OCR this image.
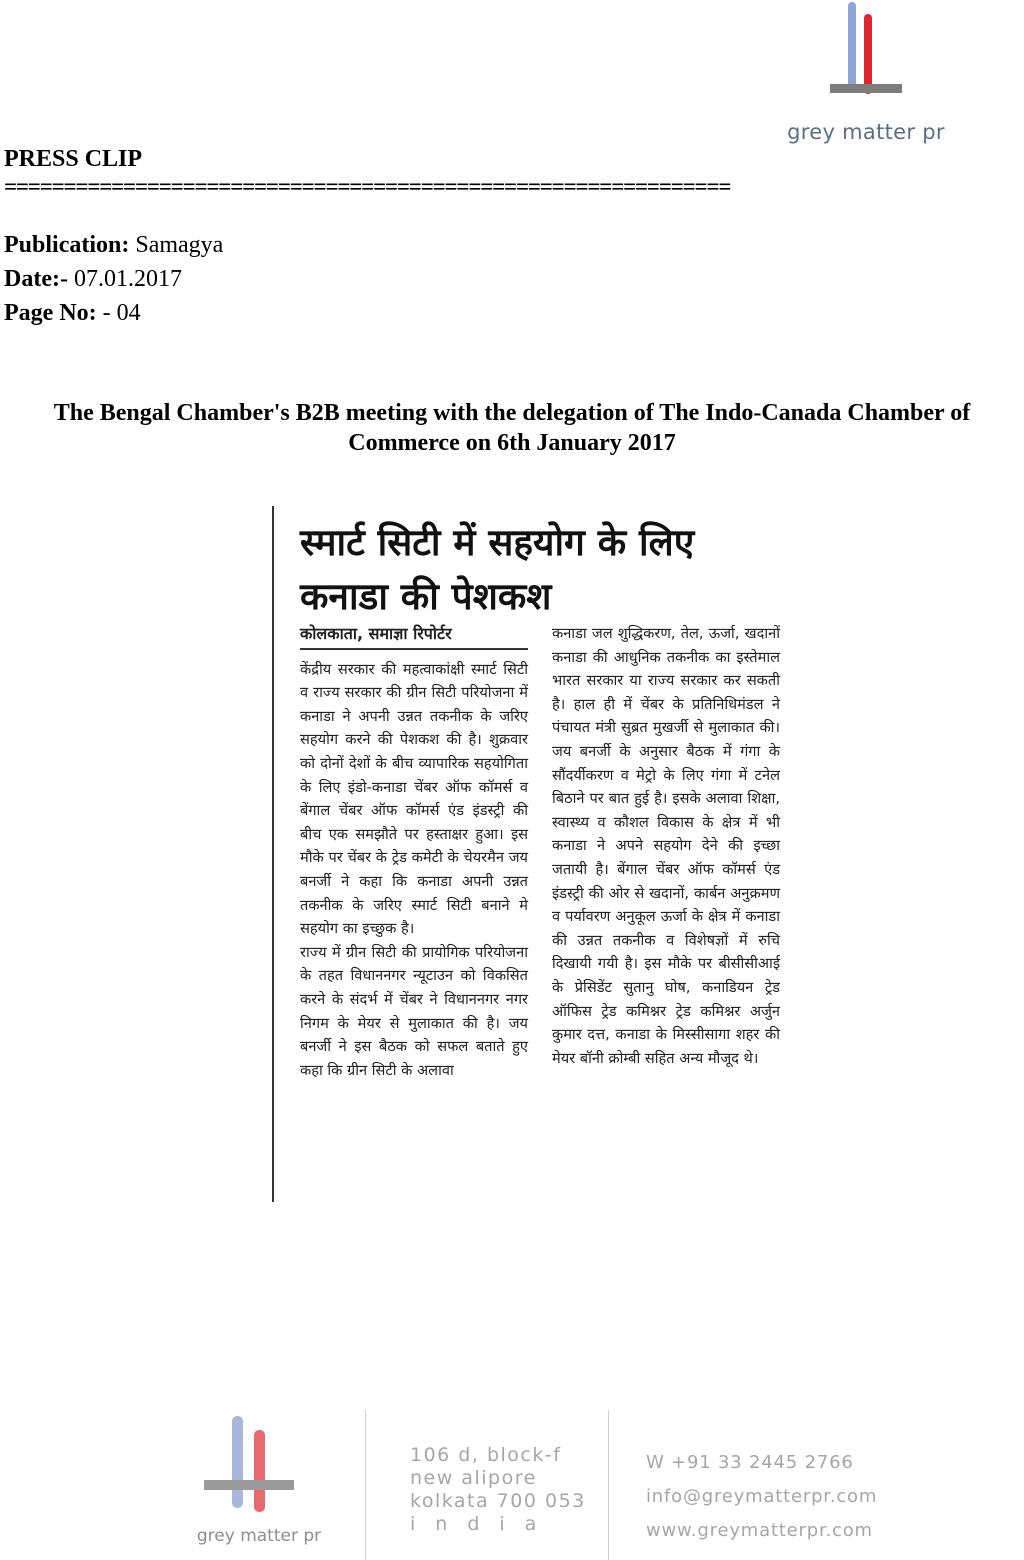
grey matter pr
PRESS CLIP
=============================================================
Publication: Samagya
Date:- 07.01.2017
Page No: - 04
The Bengal Chamber's B2B meeting with the delegation of The Indo-Canada Chamber of Commerce on 6th January 2017
स्मार्ट सिटी में सहयोग के लिए कनाडा की पेशकश
कोलकाता, समाज्ञा रिपोर्टर
केंद्रीय सरकार की महत्वाकांक्षी स्मार्ट सिटी व राज्य सरकार की ग्रीन सिटी परियोजना में कनाडा ने अपनी उन्नत तकनीक के जरिए सहयोग करने की पेशकश की है। शुक्रवार को दोनों देशों के बीच व्यापारिक सहयोगिता के लिए इंडो-कनाडा चेंबर ऑफ कॉमर्स व बेंगाल चेंबर ऑफ कॉमर्स एंड इंडस्ट्री की बीच एक समझौते पर हस्ताक्षर हुआ। इस मौके पर चेंबर के ट्रेड कमेटी के चेयरमैन जय बनर्जी ने कहा कि कनाडा अपनी उन्नत तकनीक के जरिए स्मार्ट सिटी बनाने मे सहयोग का इच्छुक है।
राज्य में ग्रीन सिटी की प्रायोगिक परियोजना के तहत विधाननगर न्यूटाउन को विकसित करने के संदर्भ में चेंबर ने विधाननगर नगर निगम के मेयर से मुलाकात की है। जय बनर्जी ने इस बैठक को सफल बताते हुए कहा कि ग्रीन सिटी के अलावा
कनाडा जल शुद्धिकरण, तेल, ऊर्जा, खदानों कनाडा की आधुनिक तकनीक का इस्तेमाल भारत सरकार या राज्य सरकार कर सकती है। हाल ही में चेंबर के प्रतिनिधिमंडल ने पंचायत मंत्री सुब्रत मुखर्जी से मुलाकात की। जय बनर्जी के अनुसार बैठक में गंगा के सौंदर्यीकरण व मेट्रो के लिए गंगा में टनेल बिठाने पर बात हुई है। इसके अलावा शिक्षा, स्वास्थ्य व कौशल विकास के क्षेत्र में भी कनाडा ने अपने सहयोग देने की इच्छा जतायी है। बेंगाल चेंबर ऑफ कॉमर्स एंड इंडस्ट्री की ओर से खदानों, कार्बन अनुक्रमण व पर्यावरण अनुकूल ऊर्जा के क्षेत्र में कनाडा की उन्नत तकनीक व विशेषज्ञों में रुचि दिखायी गयी है। इस मौके पर बीसीसीआई के प्रेसिडेंट सुतानु घोष, कनाडियन ट्रेड ऑफिस ट्रेड कमिश्नर ट्रेड कमिश्नर अर्जुन कुमार दत्त, कनाडा के मिस्सीसागा शहर की मेयर बॉनी क्रोम्बी सहित अन्य मौजूद थे।
grey matter pr
106 d, block-f
new alipore
kolkata 700 053
india
W +91 33 2445 2766
info@greymatterpr.com
www.greymatterpr.com
